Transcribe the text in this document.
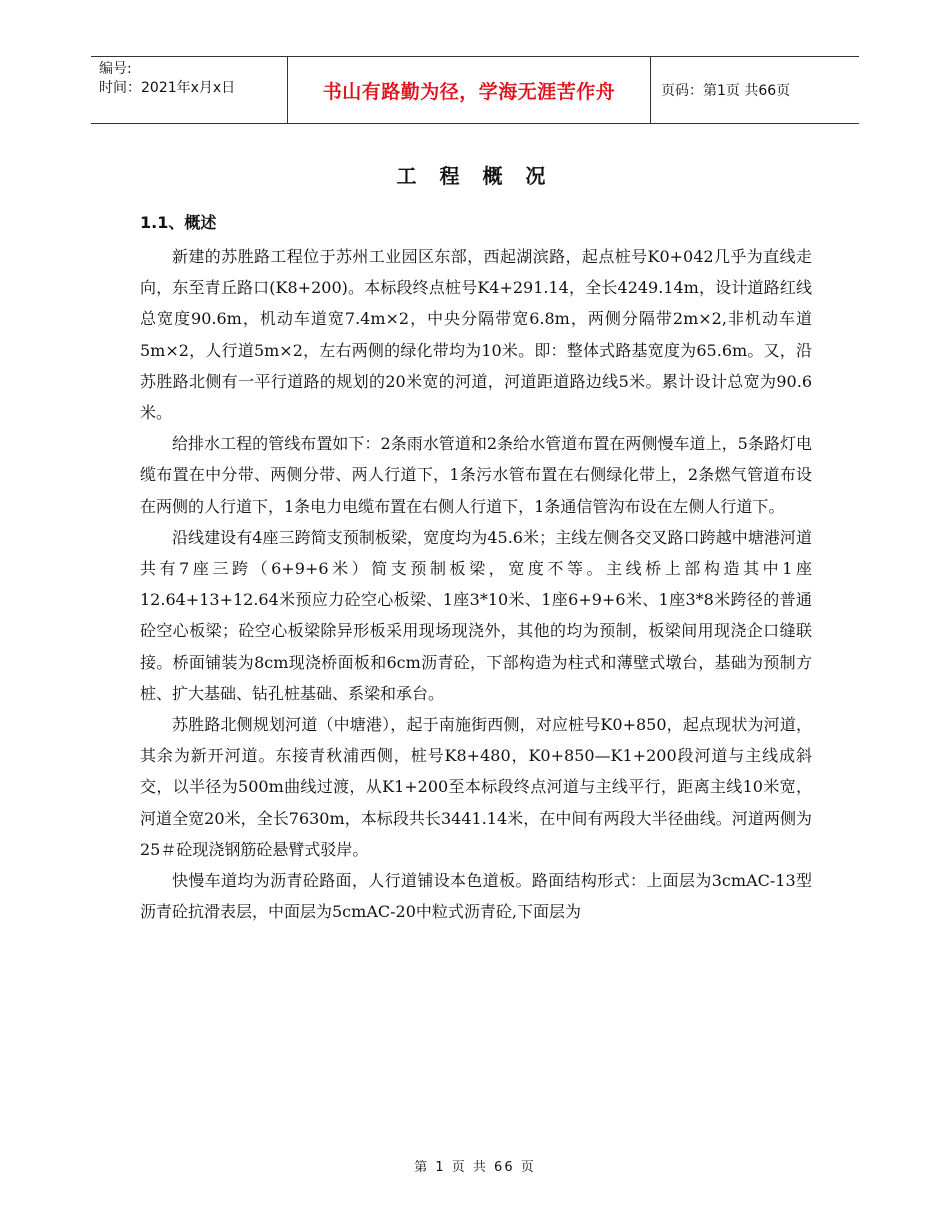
编号:
时间：2021年x月x日	书山有路勤为径，学海无涯苦作舟	页码：第1页 共66页
工 程 概 况
1.1、概述

新建的苏胜路工程位于苏州工业园区东部，西起湖滨路，起点桩号K0+042几乎为直线走向，东至青丘路口(K8+200)。本标段终点桩号K4+291.14，全长4249.14m，设计道路红线总宽度90.6m，机动车道宽7.4m×2，中央分隔带宽6.8m，两侧分隔带2m×2,非机动车道5m×2，人行道5m×2，左右两侧的绿化带均为10米。即：整体式路基宽度为65.6m。又，沿苏胜路北侧有一平行道路的规划的20米宽的河道，河道距道路边线5米。累计设计总宽为90.6米。

给排水工程的管线布置如下：2条雨水管道和2条给水管道布置在两侧慢车道上，5条路灯电缆布置在中分带、两侧分带、两人行道下，1条污水管布置在右侧绿化带上，2条燃气管道布设在两侧的人行道下，1条电力电缆布置在右侧人行道下，1条通信管沟布设在左侧人行道下。

沿线建设有4座三跨简支预制板梁，宽度均为45.6米；主线左侧各交叉路口跨越中塘港河道共有7座三跨（6+9+6米）简支预制板梁，宽度不等。主线桥上部构造其中1座12.64+13+12.64米预应力砼空心板梁、1座3*10米、1座6+9+6米、1座3*8米跨径的普通砼空心板梁；砼空心板梁除异形板采用现场现浇外，其他的均为预制，板梁间用现浇企口缝联接。桥面铺装为8cm现浇桥面板和6cm沥青砼，下部构造为柱式和薄壁式墩台，基础为预制方桩、扩大基础、钻孔桩基础、系梁和承台。

苏胜路北侧规划河道（中塘港），起于南施街西侧，对应桩号K0+850，起点现状为河道，其余为新开河道。东接青秋浦西侧，桩号K8+480，K0+850—K1+200段河道与主线成斜交，以半径为500m曲线过渡，从K1+200至本标段终点河道与主线平行，距离主线10米宽，河道全宽20米，全长7630m，本标段共长3441.14米，在中间有两段大半径曲线。河道两侧为25＃砼现浇钢筋砼悬臂式驳岸。

快慢车道均为沥青砼路面，人行道铺设本色道板。路面结构形式：上面层为3cmAC-13型沥青砼抗滑表层，中面层为5cmAC-20中粒式沥青砼,下面层为

第 1 页 共 66 页
